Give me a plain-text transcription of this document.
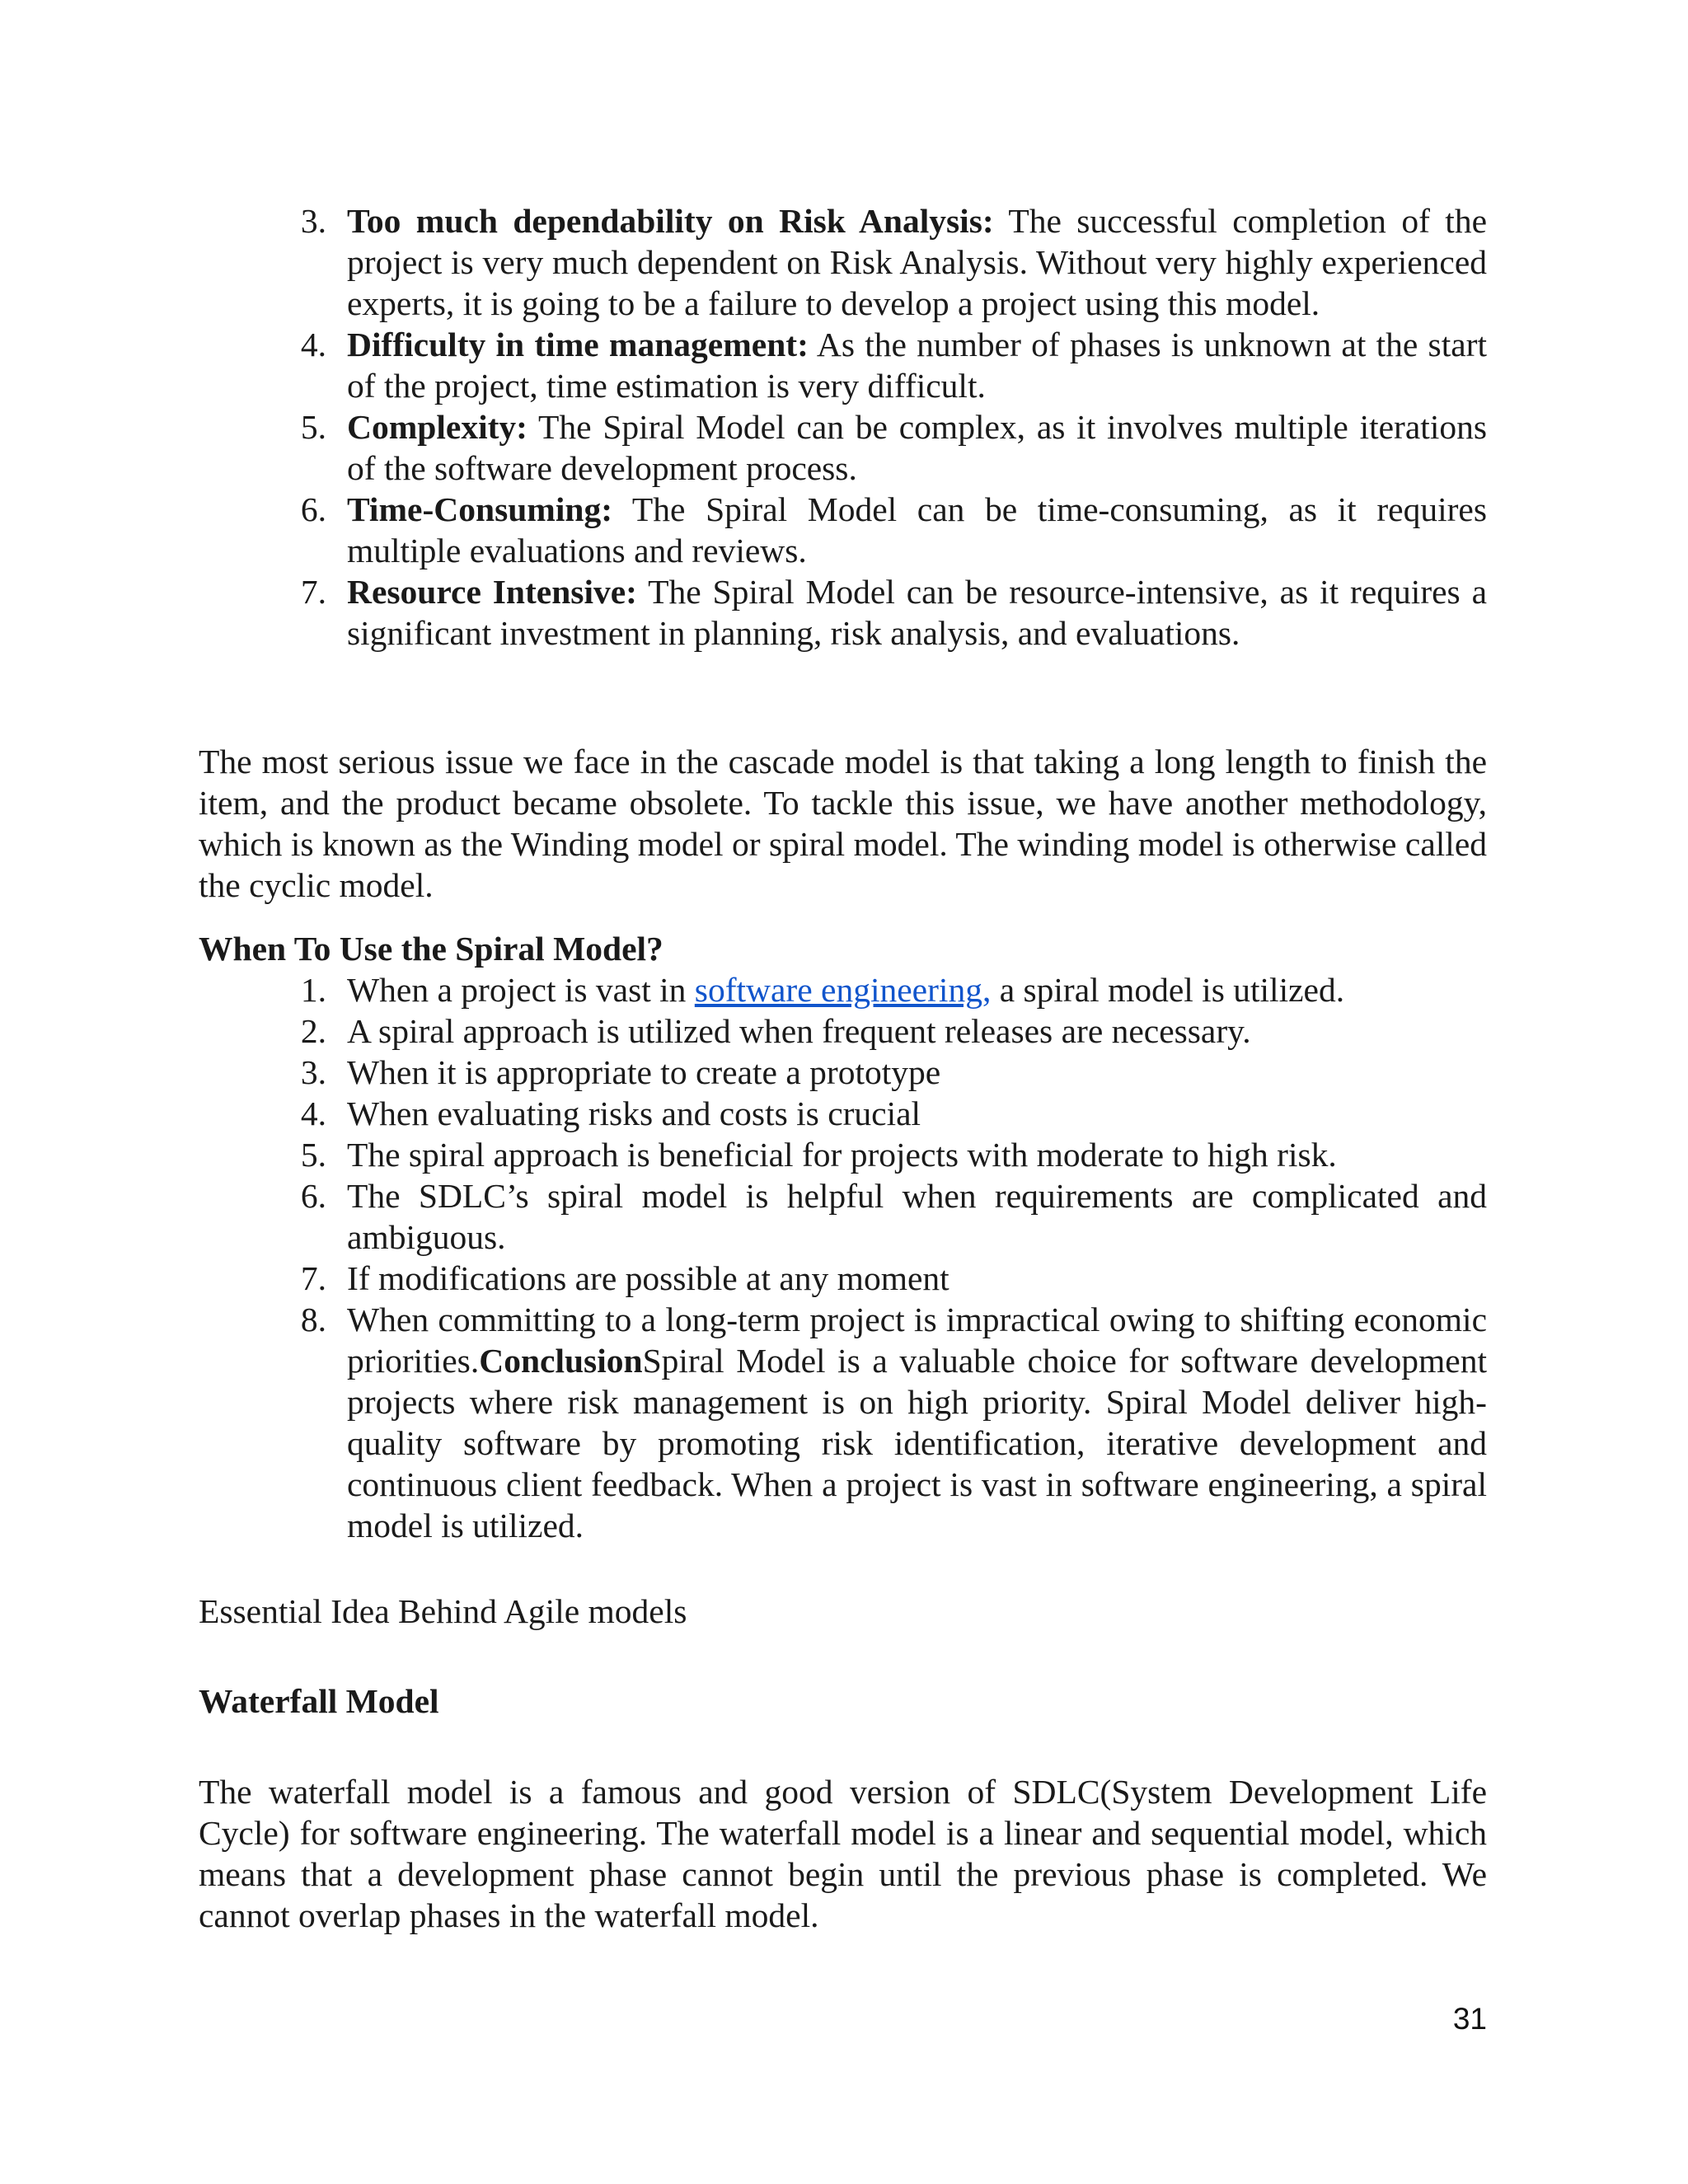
3. Too much dependability on Risk Analysis: The successful completion of the project is very much dependent on Risk Analysis. Without very highly experienced experts, it is going to be a failure to develop a project using this model.
4. Difficulty in time management: As the number of phases is unknown at the start of the project, time estimation is very difficult.
5. Complexity: The Spiral Model can be complex, as it involves multiple iterations of the software development process.
6. Time-Consuming: The Spiral Model can be time-consuming, as it requires multiple evaluations and reviews.
7. Resource Intensive: The Spiral Model can be resource-intensive, as it requires a significant investment in planning, risk analysis, and evaluations.

The most serious issue we face in the cascade model is that taking a long length to finish the item, and the product became obsolete. To tackle this issue, we have another methodology, which is known as the Winding model or spiral model. The winding model is otherwise called the cyclic model.

When To Use the Spiral Model?

1. When a project is vast in software engineering, a spiral model is utilized.
2. A spiral approach is utilized when frequent releases are necessary.
3. When it is appropriate to create a prototype
4. When evaluating risks and costs is crucial
5. The spiral approach is beneficial for projects with moderate to high risk.
6. The SDLC’s spiral model is helpful when requirements are complicated and ambiguous.
7. If modifications are possible at any moment
8. When committing to a long-term project is impractical owing to shifting economic priorities.ConclusionSpiral Model is a valuable choice for software development projects where risk management is on high priority. Spiral Model deliver high-quality software by promoting risk identification, iterative development and continuous client feedback. When a project is vast in software engineering, a spiral model is utilized.

Essential Idea Behind Agile models

Waterfall Model

The waterfall model is a famous and good version of SDLC(System Development Life Cycle) for software engineering. The waterfall model is a linear and sequential model, which means that a development phase cannot begin until the previous phase is completed. We cannot overlap phases in the waterfall model.

31
